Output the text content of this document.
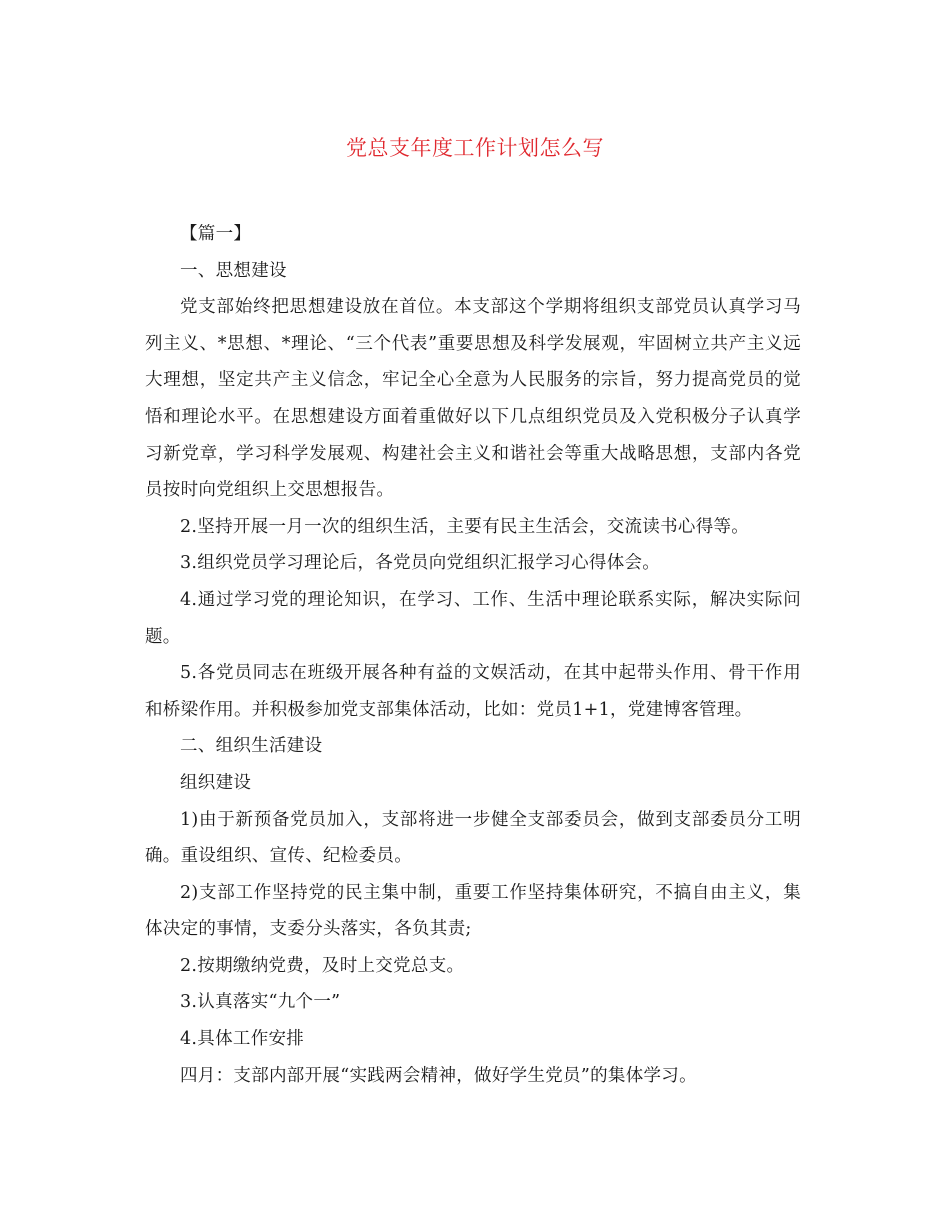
党总支年度工作计划怎么写

【篇一】

一、思想建设

党支部始终把思想建设放在首位。本支部这个学期将组织支部党员认真学习马列主义、*思想、*理论、“三个代表”重要思想及科学发展观，牢固树立共产主义远大理想，坚定共产主义信念，牢记全心全意为人民服务的宗旨，努力提高党员的觉悟和理论水平。在思想建设方面着重做好以下几点组织党员及入党积极分子认真学习新党章，学习科学发展观、构建社会主义和谐社会等重大战略思想，支部内各党员按时向党组织上交思想报告。

2.坚持开展一月一次的组织生活，主要有民主生活会，交流读书心得等。

3.组织党员学习理论后，各党员向党组织汇报学习心得体会。

4.通过学习党的理论知识，在学习、工作、生活中理论联系实际，解决实际问题。

5.各党员同志在班级开展各种有益的文娱活动，在其中起带头作用、骨干作用和桥梁作用。并积极参加党支部集体活动，比如：党员1+1，党建博客管理。

二、组织生活建设

组织建设

1)由于新预备党员加入，支部将进一步健全支部委员会，做到支部委员分工明确。重设组织、宣传、纪检委员。

2)支部工作坚持党的民主集中制，重要工作坚持集体研究，不搞自由主义，集体决定的事情，支委分头落实，各负其责;

2.按期缴纳党费，及时上交党总支。

3.认真落实“九个一”

4.具体工作安排

四月：支部内部开展“实践两会精神，做好学生党员”的集体学习。
